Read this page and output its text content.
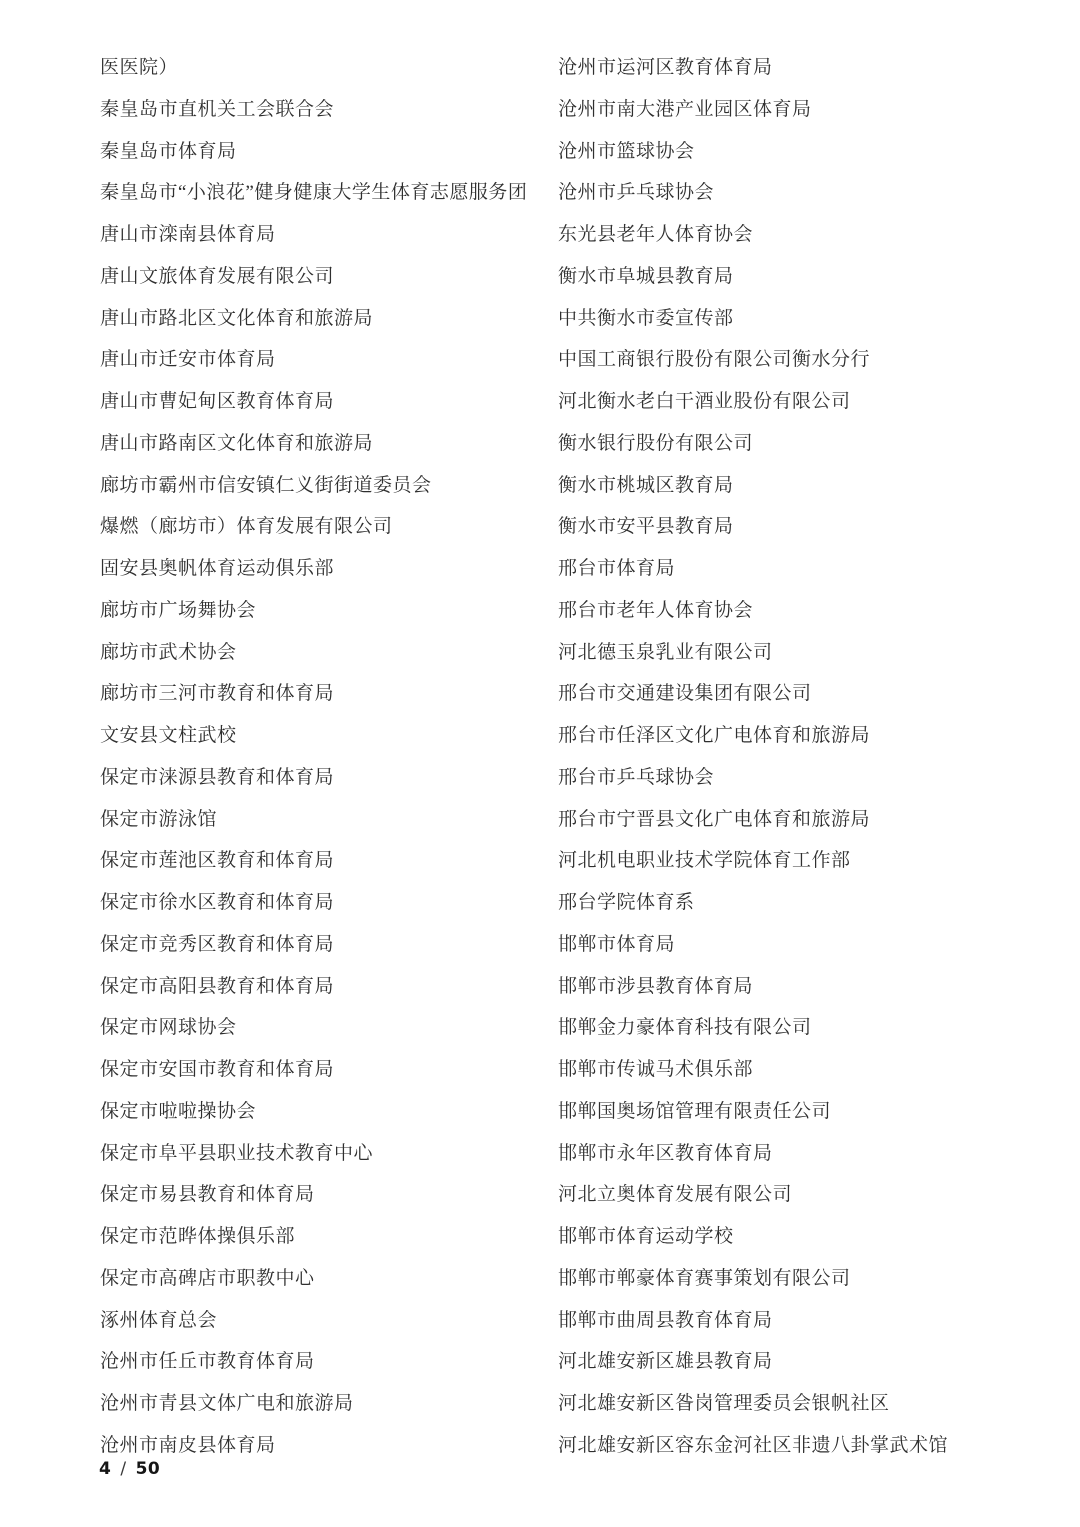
医医院）
秦皇岛市直机关工会联合会
秦皇岛市体育局
秦皇岛市“小浪花”健身健康大学生体育志愿服务团
唐山市滦南县体育局
唐山文旅体育发展有限公司
唐山市路北区文化体育和旅游局
唐山市迁安市体育局
唐山市曹妃甸区教育体育局
唐山市路南区文化体育和旅游局
廊坊市霸州市信安镇仁义街街道委员会
爆燃（廊坊市）体育发展有限公司
固安县奥帆体育运动俱乐部
廊坊市广场舞协会
廊坊市武术协会
廊坊市三河市教育和体育局
文安县文柱武校
保定市涞源县教育和体育局
保定市游泳馆
保定市莲池区教育和体育局
保定市徐水区教育和体育局
保定市竞秀区教育和体育局
保定市高阳县教育和体育局
保定市网球协会
保定市安国市教育和体育局
保定市啦啦操协会
保定市阜平县职业技术教育中心
保定市易县教育和体育局
保定市范晔体操俱乐部
保定市高碑店市职教中心
涿州体育总会
沧州市任丘市教育体育局
沧州市青县文体广电和旅游局
沧州市南皮县体育局
沧州市运河区教育体育局
沧州市南大港产业园区体育局
沧州市篮球协会
沧州市乒乓球协会
东光县老年人体育协会
衡水市阜城县教育局
中共衡水市委宣传部
中国工商银行股份有限公司衡水分行
河北衡水老白干酒业股份有限公司
衡水银行股份有限公司
衡水市桃城区教育局
衡水市安平县教育局
邢台市体育局
邢台市老年人体育协会
河北德玉泉乳业有限公司
邢台市交通建设集团有限公司
邢台市任泽区文化广电体育和旅游局
邢台市乒乓球协会
邢台市宁晋县文化广电体育和旅游局
河北机电职业技术学院体育工作部
邢台学院体育系
邯郸市体育局
邯郸市涉县教育体育局
邯郸金力豪体育科技有限公司
邯郸市传诚马术俱乐部
邯郸国奥场馆管理有限责任公司
邯郸市永年区教育体育局
河北立奥体育发展有限公司
邯郸市体育运动学校
邯郸市郸豪体育赛事策划有限公司
邯郸市曲周县教育体育局
河北雄安新区雄县教育局
河北雄安新区昝岗管理委员会银帆社区
河北雄安新区容东金河社区非遗八卦掌武术馆
4 / 50
